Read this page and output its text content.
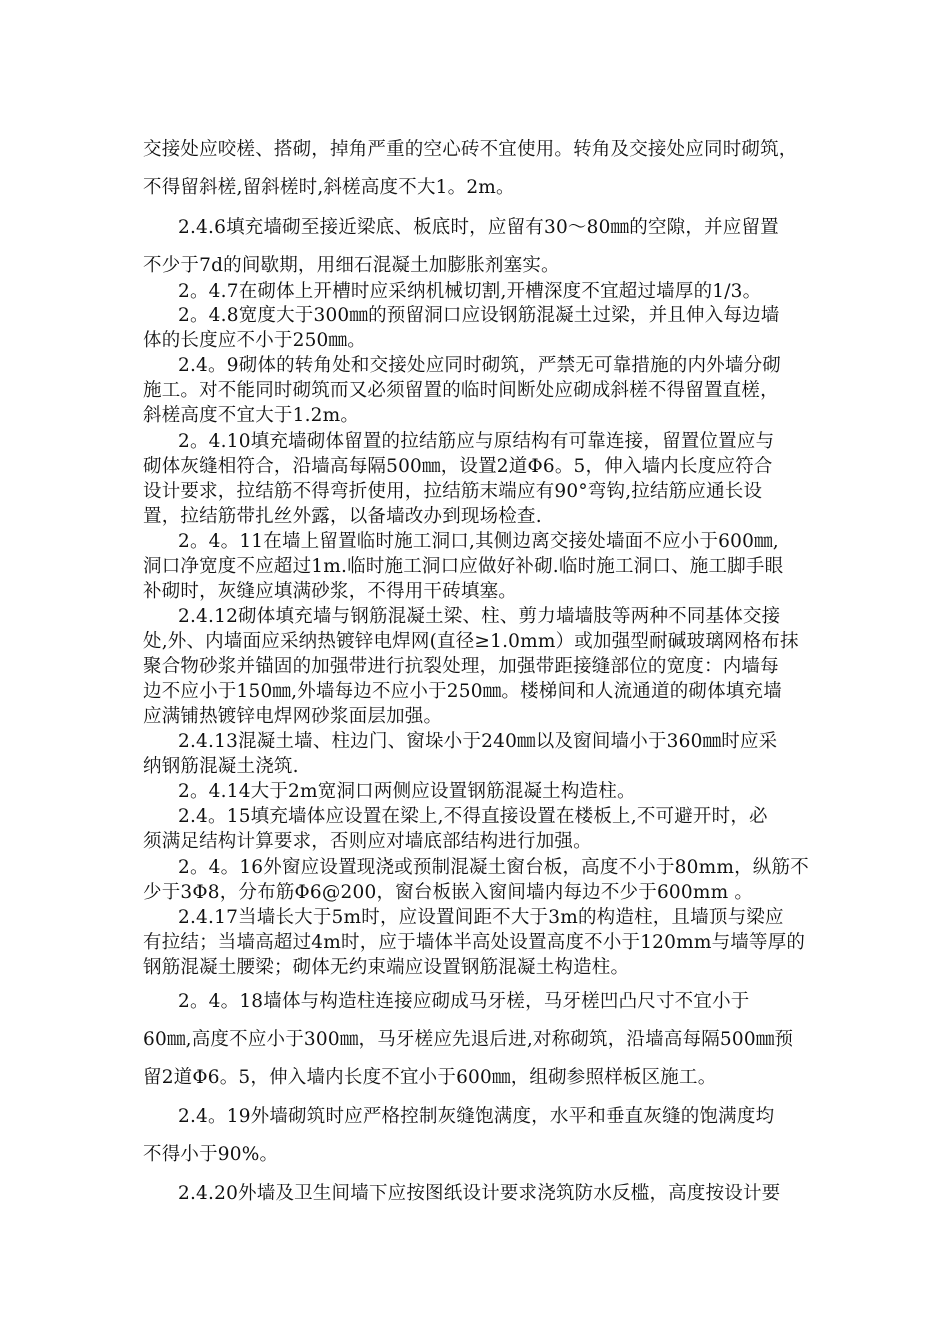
交接处应咬槎、搭砌，掉角严重的空心砖不宜使用。转角及交接处应同时砌筑，
不得留斜槎,留斜槎时,斜槎高度不大1。2m。
2.4.6填充墙砌至接近梁底、板底时，应留有30～80㎜的空隙，并应留置
不少于7d的间歇期，用细石混凝土加膨胀剂塞实。
2。4.7在砌体上开槽时应采纳机械切割,开槽深度不宜超过墙厚的1/3。
2。4.8宽度大于300㎜的预留洞口应设钢筋混凝土过梁，并且伸入每边墙
体的长度应不小于250㎜。
2.4。9砌体的转角处和交接处应同时砌筑，严禁无可靠措施的内外墙分砌
施工。对不能同时砌筑而又必须留置的临时间断处应砌成斜槎不得留置直槎，
斜槎高度不宜大于1.2m。
2。4.10填充墙砌体留置的拉结筋应与原结构有可靠连接，留置位置应与
砌体灰缝相符合，沿墙高每隔500㎜，设置2道Φ6。5，伸入墙内长度应符合
设计要求，拉结筋不得弯折使用，拉结筋末端应有90°弯钩,拉结筋应通长设
置，拉结筋带扎丝外露，以备墙改办到现场检查.
2。4。11在墙上留置临时施工洞口,其侧边离交接处墙面不应小于600㎜,
洞口净宽度不应超过1m.临时施工洞口应做好补砌.临时施工洞口、施工脚手眼
补砌时，灰缝应填满砂浆，不得用干砖填塞。
2.4.12砌体填充墙与钢筋混凝土梁、柱、剪力墙墙肢等两种不同基体交接
处,外、内墙面应采纳热镀锌电焊网(直径≥1.0mm）或加强型耐碱玻璃网格布抹
聚合物砂浆并锚固的加强带进行抗裂处理，加强带距接缝部位的宽度：内墙每
边不应小于150㎜,外墙每边不应小于250㎜。楼梯间和人流通道的砌体填充墙
应满铺热镀锌电焊网砂浆面层加强。
2.4.13混凝土墙、柱边门、窗垛小于240㎜以及窗间墙小于360㎜时应采
纳钢筋混凝土浇筑.
2。4.14大于2m宽洞口两侧应设置钢筋混凝土构造柱。
2.4。15填充墙体应设置在梁上,不得直接设置在楼板上,不可避开时，必
须满足结构计算要求，否则应对墙底部结构进行加强。
2。4。16外窗应设置现浇或预制混凝土窗台板，高度不小于80mm，纵筋不
少于3Φ8，分布筋Φ6@200，窗台板嵌入窗间墙内每边不少于600mm 。
2.4.17当墙长大于5m时，应设置间距不大于3m的构造柱，且墙顶与梁应
有拉结；当墙高超过4m时，应于墙体半高处设置高度不小于120mm与墙等厚的
钢筋混凝土腰梁；砌体无约束端应设置钢筋混凝土构造柱。
2。4。18墙体与构造柱连接应砌成马牙槎，马牙槎凹凸尺寸不宜小于
60㎜,高度不应小于300㎜，马牙槎应先退后进,对称砌筑，沿墙高每隔500㎜预
留2道Φ6。5，伸入墙内长度不宜小于600㎜，组砌参照样板区施工。
2.4。19外墙砌筑时应严格控制灰缝饱满度，水平和垂直灰缝的饱满度均
不得小于90%。
2.4.20外墙及卫生间墙下应按图纸设计要求浇筑防水反槛，高度按设计要
